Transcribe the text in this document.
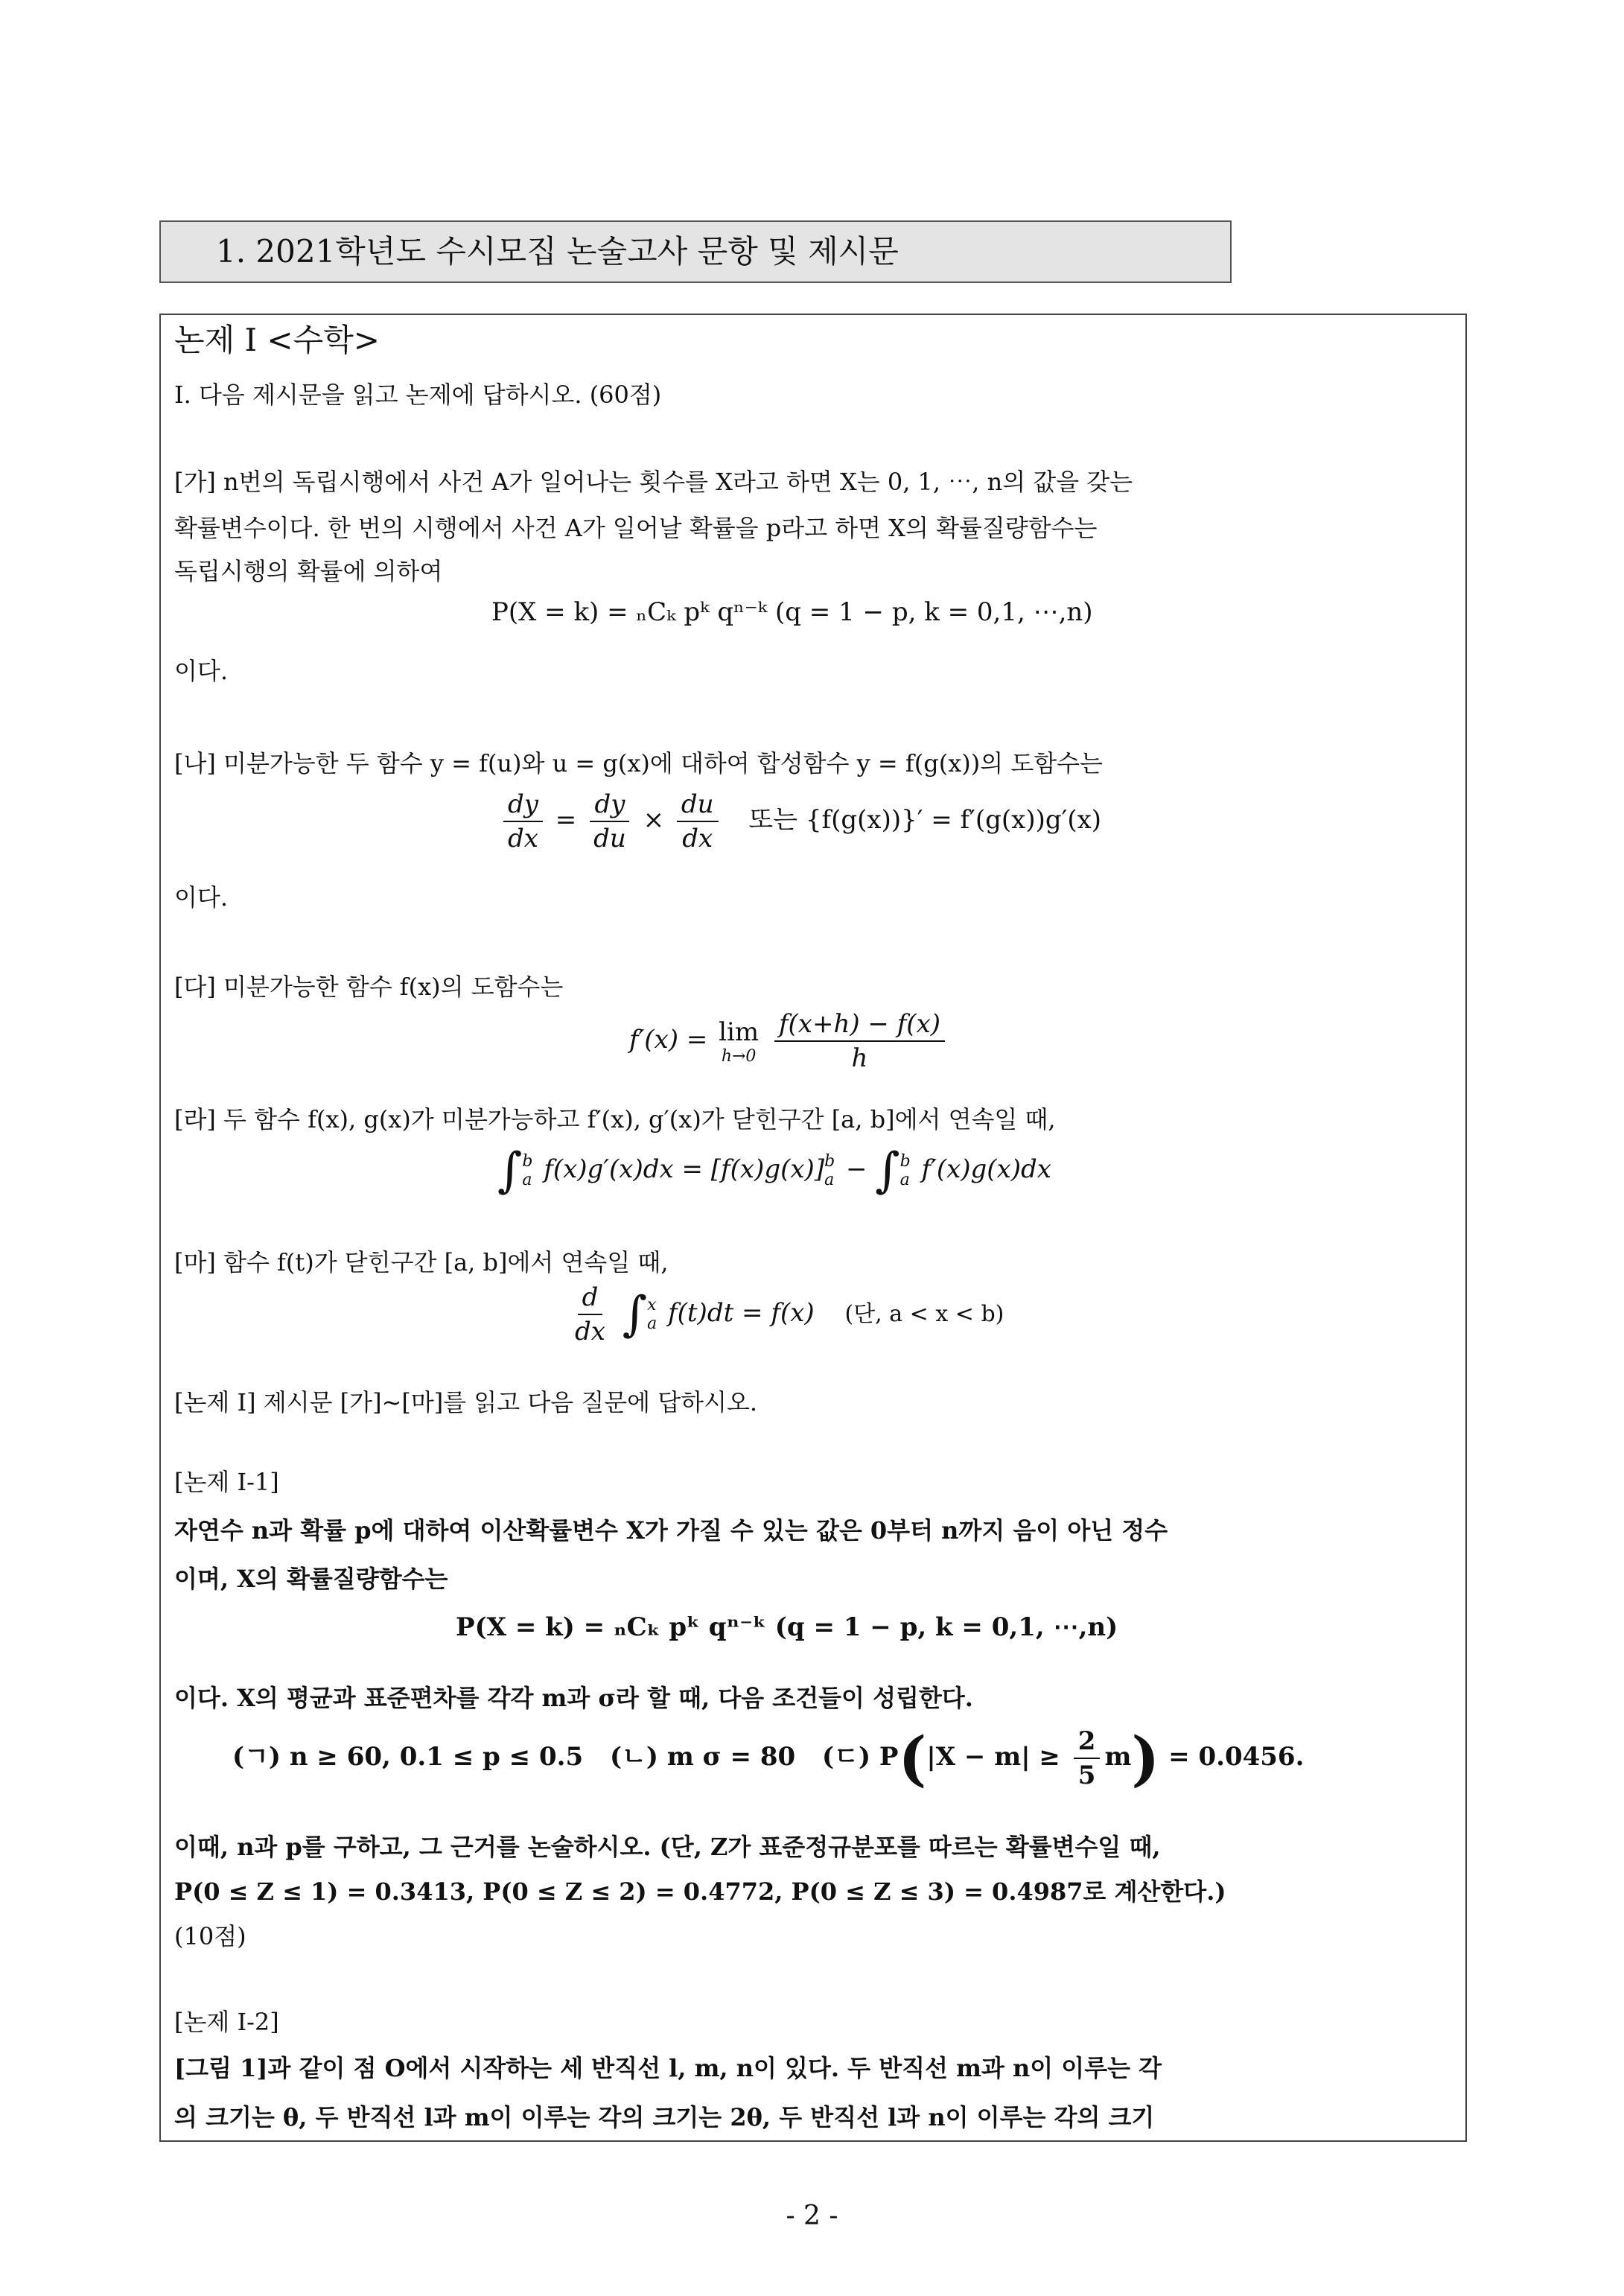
1. 2021학년도 수시모집 논술고사 문항 및 제시문
논제 I <수학>
I. 다음 제시문을 읽고 논제에 답하시오. (60점)
[가] n번의 독립시행에서 사건 A가 일어나는 횟수를 X라고 하면 X는 0, 1, ⋯, n의 값을 갖는
확률변수이다. 한 번의 시행에서 사건 A가 일어날 확률을 p라고 하면 X의 확률질량함수는
독립시행의 확률에 의하여
P(X = k) = ₙCₖ pᵏ qⁿ⁻ᵏ (q = 1 − p, k = 0,1, ⋯,n)
이다.
[나] 미분가능한 두 함수 y = f(u)와 u = g(x)에 대하여 합성함수 y = f(g(x))의 도함수는
$\frac{dy}{dx} = \frac{dy}{du} \times \frac{du}{dx}$ 또는 {f(g(x))}′ = f′(g(x))g′(x)
이다.
[다] 미분가능한 함수 f(x)의 도함수는
f′(x) = lim
h→0
$\frac{f(x+h) - f(x)}{h}$
[라] 두 함수 f(x), g(x)가 미분가능하고 f′(x), g′(x)가 닫힌구간 [a, b]에서 연속일 때,
∫ b
a f(x)g′(x)dx = [f(x)g(x)] b
a − ∫ b
a f′(x)g(x)dx
[마] 함수 f(t)가 닫힌구간 [a, b]에서 연속일 때,
$\frac{d}{dx}$ ∫ x
a f(t)dt = f(x) (단, a < x < b)
[논제 I] 제시문 [가]~[마]를 읽고 다음 질문에 답하시오.
[논제 I-1]
자연수 n과 확률 p에 대하여 이산확률변수 X가 가질 수 있는 값은 0부터 n까지 음이 아닌 정수
이며, X의 확률질량함수는
P(X = k) = ₙCₖ pᵏ qⁿ⁻ᵏ (q = 1 − p, k = 0,1, ⋯,n)
이다. X의 평균과 표준편차를 각각 m과 σ라 할 때, 다음 조건들이 성립한다.
(ㄱ) n ≥ 60, 0.1 ≤ p ≤ 0.5 (ㄴ) m σ = 80 (ㄷ) $P(|X - m| \ge \frac{2}{5} m) = 0.0456$.
이때, n과 p를 구하고, 그 근거를 논술하시오. (단, Z가 표준정규분포를 따르는 확률변수일 때,
P(0 ≤ Z ≤ 1) = 0.3413, P(0 ≤ Z ≤ 2) = 0.4772, P(0 ≤ Z ≤ 3) = 0.4987로 계산한다.)
(10점)
[논제 I-2]
[그림 1]과 같이 점 O에서 시작하는 세 반직선 l, m, n이 있다. 두 반직선 m과 n이 이루는 각
의 크기는 θ, 두 반직선 l과 m이 이루는 각의 크기는 2θ, 두 반직선 l과 n이 이루는 각의 크기
- 2 -
